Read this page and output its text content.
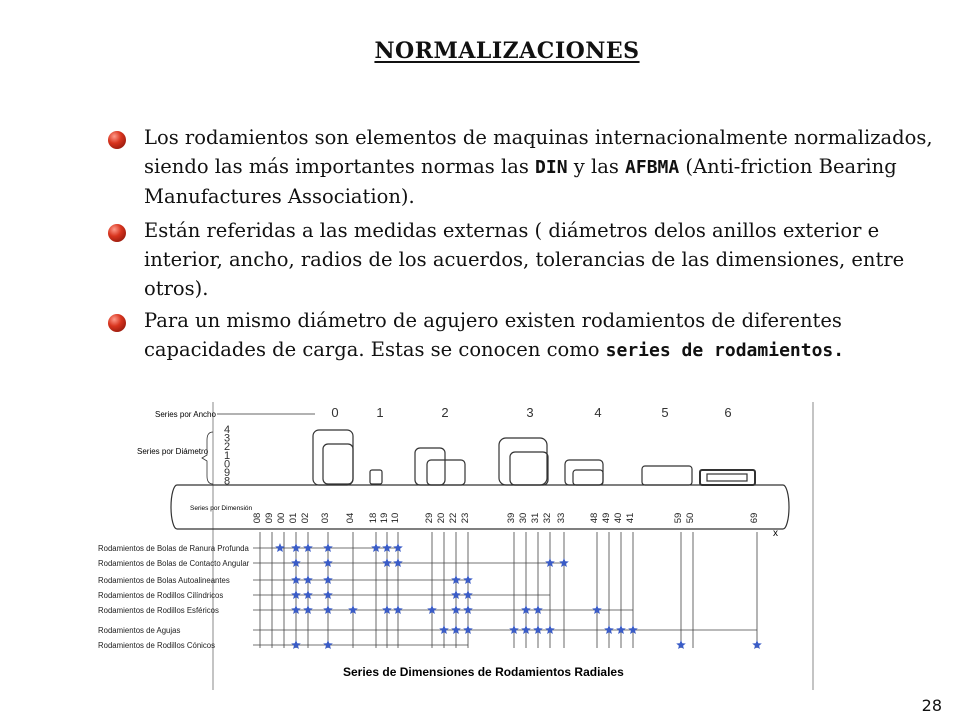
NORMALIZACIONES
Los rodamientos son elementos de maquinas internacionalmente normalizados, siendo las más importantes normas las DIN y las AFBMA (Anti-friction Bearing Manufactures Association).
Están referidas a las medidas externas ( diámetros delos anillos exterior e interior, ancho, radios de los acuerdos, tolerancias de las dimensiones, entre otros).
Para un mismo diámetro de agujero existen rodamientos de diferentes capacidades de carga. Estas se conocen como series de rodamientos.
Series por Ancho	0	1	2	3	4	5	6
Series por Diámetro
4
3
2
1
0
9
8
Series por Dimensión
x
08 09 00 01 02 03 04 18 19 10 29 20 22 23	39 30 31 32 33 48 49 40 41	59 50	69
Rodamientos de Bolas de Ranura Profunda
Rodamientos de Bolas de Contacto Angular
Rodamientos de Bolas Autoalineantes
Rodamientos de Rodillos Cilíndricos
Rodamientos de Rodillos Esféricos
Rodamientos de Agujas
Rodamientos de Rodillos Cónicos
Series de Dimensiones de Rodamientos Radiales
28
